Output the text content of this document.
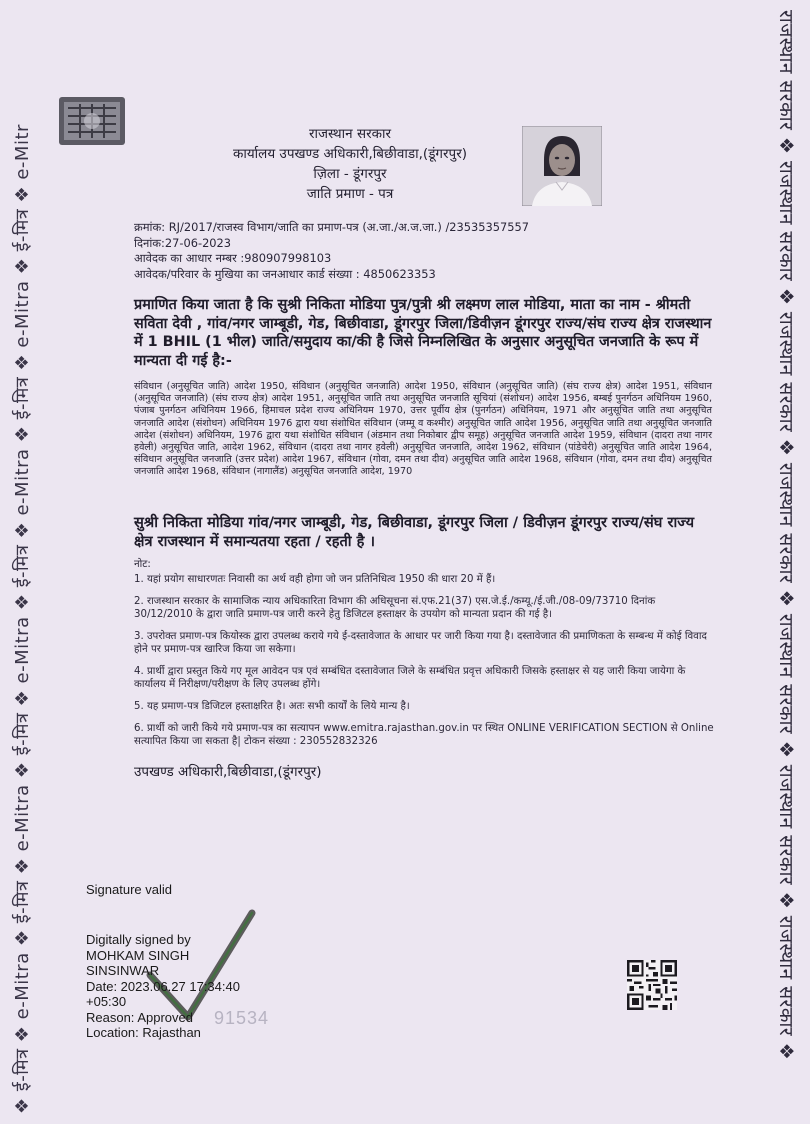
❖ ई-मित्र ❖ e-Mitra ❖ ई-मित्र ❖ e-Mitra ❖ ई-मित्र ❖ e-Mitra ❖ ई-मित्र ❖ e-Mitra ❖ ई-मित्र ❖ e-Mitra ❖ ई-मित्र ❖ e-Mitr	राजस्थान सरकार ❖ राजस्थान सरकार ❖ राजस्थान सरकार ❖ राजस्थान सरकार ❖ राजस्थान सरकार ❖ राजस्थान सरकार ❖ राजस्थान सरकार ❖
राजस्थान सरकार
कार्यालय उपखण्ड अधिकारी,बिछीवाडा,(डूंगरपुर)
ज़िला - डूंगरपुर
जाति प्रमाण - पत्र
क्रमांक: RJ/2017/राजस्व विभाग/जाति का प्रमाण-पत्र (अ.जा./अ.ज.जा.) /23535357557
दिनांक:27-06-2023
आवेदक का आधार नम्बर :980907998103
आवेदक/परिवार के मुखिया का जनआधार कार्ड संख्या : 4850623353
प्रमाणित किया जाता है कि सुश्री निकिता मोडिया पुत्र/पुत्री श्री लक्ष्मण लाल मोडिया, माता का नाम - श्रीमती सविता देवी , गांव/नगर जाम्बूडी, गेड, बिछीवाडा, डूंगरपुर जिला/डिवीज़न डूंगरपुर राज्य/संघ राज्य क्षेत्र राजस्थान में 1 BHIL (1 भील) जाति/समुदाय का/की है जिसे निम्नलिखित के अनुसार अनुसूचित जनजाति के रूप में मान्यता दी गई है:-
संविधान (अनुसूचित जाति) आदेश 1950, संविधान (अनुसूचित जनजाति) आदेश 1950, संविधान (अनुसूचित जाति) (संघ राज्य क्षेत्र) आदेश 1951, संविधान (अनुसूचित जनजाति) (संघ राज्य क्षेत्र) आदेश 1951, अनुसूचित जाति तथा अनुसूचित जनजाति सूचियां (संशोधन) आदेश 1956, बम्बई पुनर्गठन अधिनियम 1960, पंजाब पुनर्गठन अधिनियम 1966, हिमाचल प्रदेश राज्य अधिनियम 1970, उत्तर पूर्वीय क्षेत्र (पुनर्गठन) अधिनियम, 1971 और अनुसूचित जाति तथा अनुसूचित जनजाति आदेश (संशोधन) अधिनियम 1976 द्वारा यथा संशोधित संविधान (जम्मू व कश्मीर) अनुसूचित जाति आदेश 1956, अनुसूचित जाति तथा अनुसूचित जनजाति आदेश (संशोधन) अधिनियम, 1976 द्वारा यथा संशोधित संविधान (अंडमान तथा निकोबार द्वीप समूह) अनुसूचित जनजाति आदेश 1959, संविधान (दादरा तथा नागर हवेली) अनुसूचित जाति, आदेश 1962, संविधान (दादरा तथा नागर हवेली) अनुसूचित जनजाति, आदेश 1962, संविधान (पांडेचेरी) अनुसूचित जाति आदेश 1964, संविधान अनुसूचित जनजाति (उत्तर प्रदेश) आदेश 1967, संविधान (गोवा, दमन तथा दीव) अनुसूचित जाति आदेश 1968, संविधान (गोवा, दमन तथा दीव) अनुसूचित जनजाति आदेश 1968, संविधान (नागालैंड) अनुसूचित जनजाति आदेश, 1970
सुश्री निकिता मोडिया गांव/नगर जाम्बूडी, गेड, बिछीवाडा, डूंगरपुर जिला / डिवीज़न डूंगरपुर राज्य/संघ राज्य क्षेत्र राजस्थान में समान्यतया रहता / रहती है ।
नोट:
1. यहां प्रयोग साधारणतः निवासी का अर्थ वही होगा जो जन प्रतिनिधित्व 1950 की धारा 20 में हैं।
2. राजस्थान सरकार के सामाजिक न्याय अधिकारिता विभाग की अधिसूचना सं.एफ.21(37) एस.जे.ई./कम्यू./ई.जी./08-09/73710 दिनांक 30/12/2010 के द्वारा जाति प्रमाण-पत्र जारी करने हेतु डिजिटल हस्ताक्षर के उपयोग को मान्यता प्रदान की गई है।
3. उपरोक्त प्रमाण-पत्र कियोस्क द्वारा उपलब्ध कराये गये ई-दस्तावेजात के आधार पर जारी किया गया है। दस्तावेजात की प्रमाणिकता के सम्बन्ध में कोई विवाद होने पर प्रमाण-पत्र खारिज किया जा सकेगा।
4. प्रार्थी द्वारा प्रस्तुत किये गए मूल आवेदन पत्र एवं सम्बंधित दस्तावेजात जिले के सम्बंधित प्रवृत्त अधिकारी जिसके हस्ताक्षर से यह जारी किया जायेगा के कार्यालय में निरीक्षण/परीक्षण के लिए उपलब्ध होंगे।
5. यह प्रमाण-पत्र डिजिटल हस्ताक्षरित है। अतः सभी कार्यों के लिये मान्य है।
6. प्रार्थी को जारी किये गये प्रमाण-पत्र का सत्यापन www.emitra.rajasthan.gov.in पर स्थित ONLINE VERIFICATION SECTION से Online सत्यापित किया जा सकता है| टोकन संख्या : 230552832326
उपखण्ड अधिकारी,बिछीवाडा,(डूंगरपुर)
Signature valid
Digitally signed by
MOHKAM SINGH
SINSINWAR
Date: 2023.06.27 17:34:40
+05:30
Reason: Approved
Location: Rajasthan
91534
